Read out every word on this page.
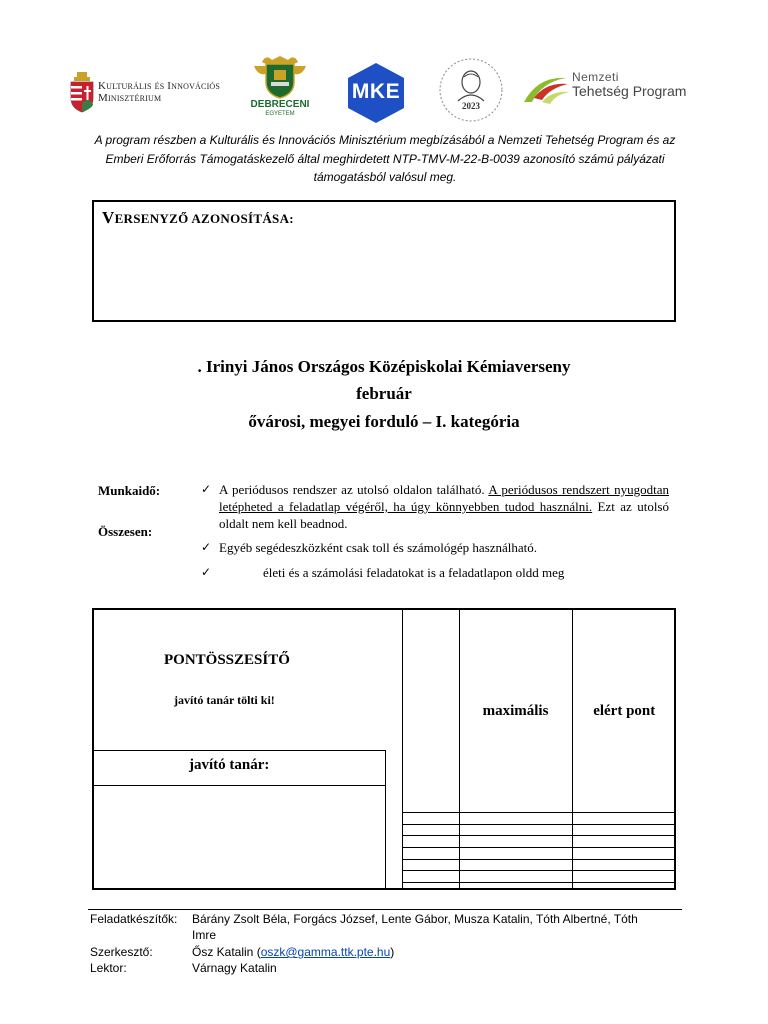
Kulturális és Innovációs
Minisztérium
DEBRECENI
EGYETEM
MKE
2023
Nemzeti
Tehetség Program
A program részben a Kulturális és Innovációs Minisztérium megbízásából a Nemzeti Tehetség Program és az Emberi Erőforrás Támogatáskezelő által meghirdetett NTP-TMV-M-22-B-0039 azonosító számú pályázati támogatásból valósul meg.
VERSENYZŐ AZONOSÍTÁSA:
. Irinyi János Országos Középiskolai Kémiaverseny
február
ővárosi, megyei forduló – I. kategória
Munkaidő:
Összesen:
✓ A periódusos rendszer az utolsó oldalon található. A periódusos rendszert nyugodtan letépheted a feladatlap végéről, ha úgy könnyebben tudod használni. Ezt az utolsó oldalt nem kell beadnod.
✓ Egyéb segédeszközként csak toll és számológép használható.
✓	életi és a számolási feladatokat is a feladatlapon oldd meg
PONTÖSSZESÍTŐ
javító tanár tölti ki!
javító tanár:
	maximális	elért pont

Feladatkészítők: Bárány Zsolt Béla, Forgács József, Lente Gábor, Musza Katalin, Tóth Albertné, Tóth Imre
Szerkesztő:	Ősz Katalin (oszk@gamma.ttk.pte.hu)
Lektor:	Várnagy Katalin
